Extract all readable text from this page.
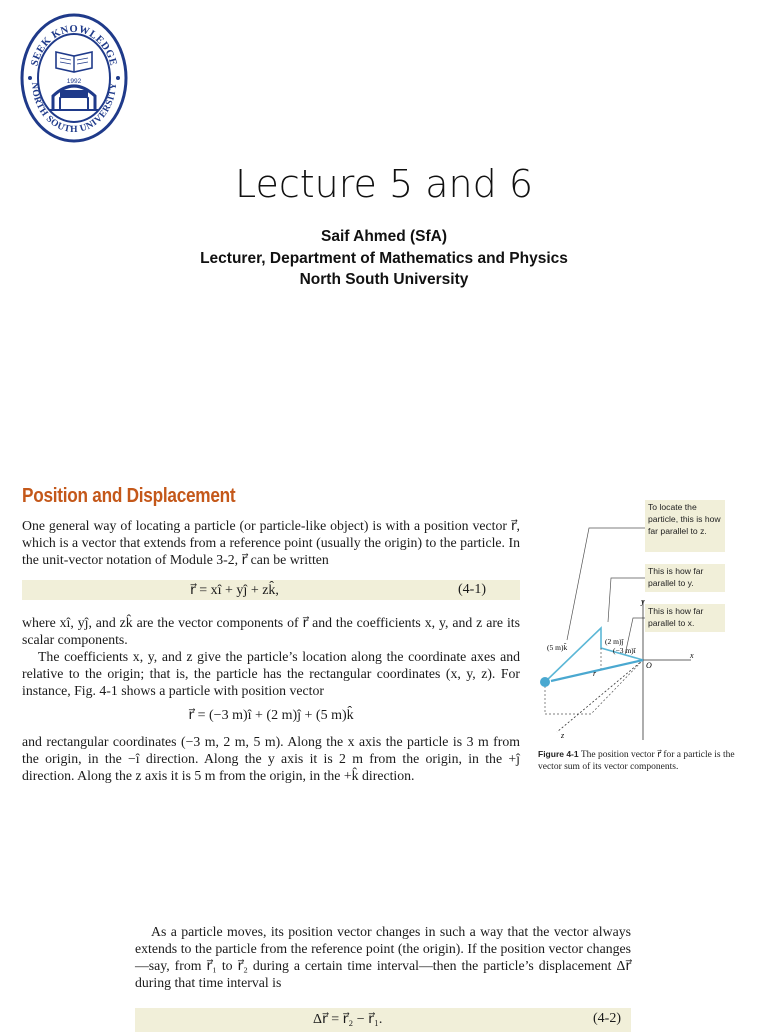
SEEK KNOWLEDGE
NORTH SOUTH UNIVERSITY
1992
Lecture 5 and 6
Saif Ahmed (SfA)
Lecturer, Department of Mathematics and Physics
North South University
Position and Displacement
One general way of locating a particle (or particle-like object) is with a position vector r⃗, which is a vector that extends from a reference point (usually the origin) to the particle. In the unit-vector notation of Module 3-2, r⃗ can be written
r⃗ = xî + yĵ + zk̂,	(4-1)
where xî, yĵ, and zk̂ are the vector components of r⃗ and the coefficients x, y, and z are its scalar components.
The coefficients x, y, and z give the particle’s location along the coordinate axes and relative to the origin; that is, the particle has the rectangular coordinates (x, y, z). For instance, Fig. 4-1 shows a particle with position vector
r⃗ = (−3 m)î + (2 m)ĵ + (5 m)k̂
and rectangular coordinates (−3 m, 2 m, 5 m). Along the x axis the particle is 3 m from the origin, in the −î direction. Along the y axis it is 2 m from the origin, in the +ĵ direction. Along the z axis it is 5 m from the origin, in the +k̂ direction.
To locate the particle, this is how far parallel to z.
This is how far parallel to y.
This is how far parallel to x.
x
y
z
O
r⃗
(5 m)k̂
(2 m)ĵ
(−3 m)î
Figure 4-1 The position vector r⃗ for a particle is the vector sum of its vector components.
As a particle moves, its position vector changes in such a way that the vector always extends to the particle from the reference point (the origin). If the position vector changes—say, from r⃗₁ to r⃗₂ during a certain time interval—then the particle’s displacement Δr⃗ during that time interval is
Δr⃗ = r⃗₂ − r⃗₁.	(4-2)
